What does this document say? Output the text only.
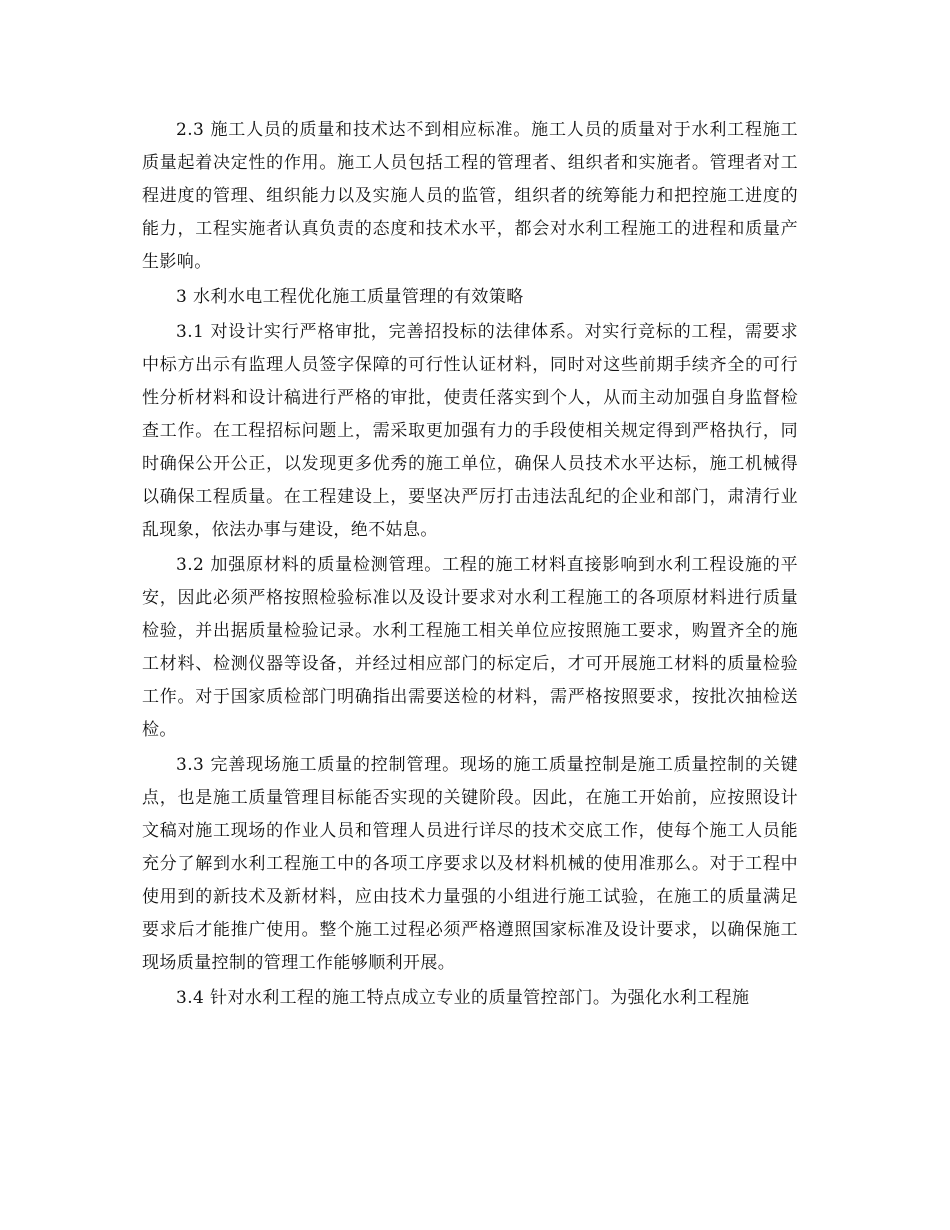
2.3 施工人员的质量和技术达不到相应标准。施工人员的质量对于水利工程施工质量起着决定性的作用。施工人员包括工程的管理者、组织者和实施者。管理者对工程进度的管理、组织能力以及实施人员的监管，组织者的统筹能力和把控施工进度的能力，工程实施者认真负责的态度和技术水平，都会对水利工程施工的进程和质量产生影响。

3 水利水电工程优化施工质量管理的有效策略

3.1 对设计实行严格审批，完善招投标的法律体系。对实行竞标的工程，需要求中标方出示有监理人员签字保障的可行性认证材料，同时对这些前期手续齐全的可行性分析材料和设计稿进行严格的审批，使责任落实到个人，从而主动加强自身监督检查工作。在工程招标问题上，需采取更加强有力的手段使相关规定得到严格执行，同时确保公开公正，以发现更多优秀的施工单位，确保人员技术水平达标，施工机械得以确保工程质量。在工程建设上，要坚决严厉打击违法乱纪的企业和部门，肃清行业乱现象，依法办事与建设，绝不姑息。

3.2 加强原材料的质量检测管理。工程的施工材料直接影响到水利工程设施的平安，因此必须严格按照检验标准以及设计要求对水利工程施工的各项原材料进行质量检验，并出据质量检验记录。水利工程施工相关单位应按照施工要求，购置齐全的施工材料、检测仪器等设备，并经过相应部门的标定后，才可开展施工材料的质量检验工作。对于国家质检部门明确指出需要送检的材料，需严格按照要求，按批次抽检送检。

3.3 完善现场施工质量的控制管理。现场的施工质量控制是施工质量控制的关键点，也是施工质量管理目标能否实现的关键阶段。因此，在施工开始前，应按照设计文稿对施工现场的作业人员和管理人员进行详尽的技术交底工作，使每个施工人员能充分了解到水利工程施工中的各项工序要求以及材料机械的使用准那么。对于工程中使用到的新技术及新材料，应由技术力量强的小组进行施工试验，在施工的质量满足要求后才能推广使用。整个施工过程必须严格遵照国家标准及设计要求，以确保施工现场质量控制的管理工作能够顺利开展。

3.4 针对水利工程的施工特点成立专业的质量管控部门。为强化水利工程施
